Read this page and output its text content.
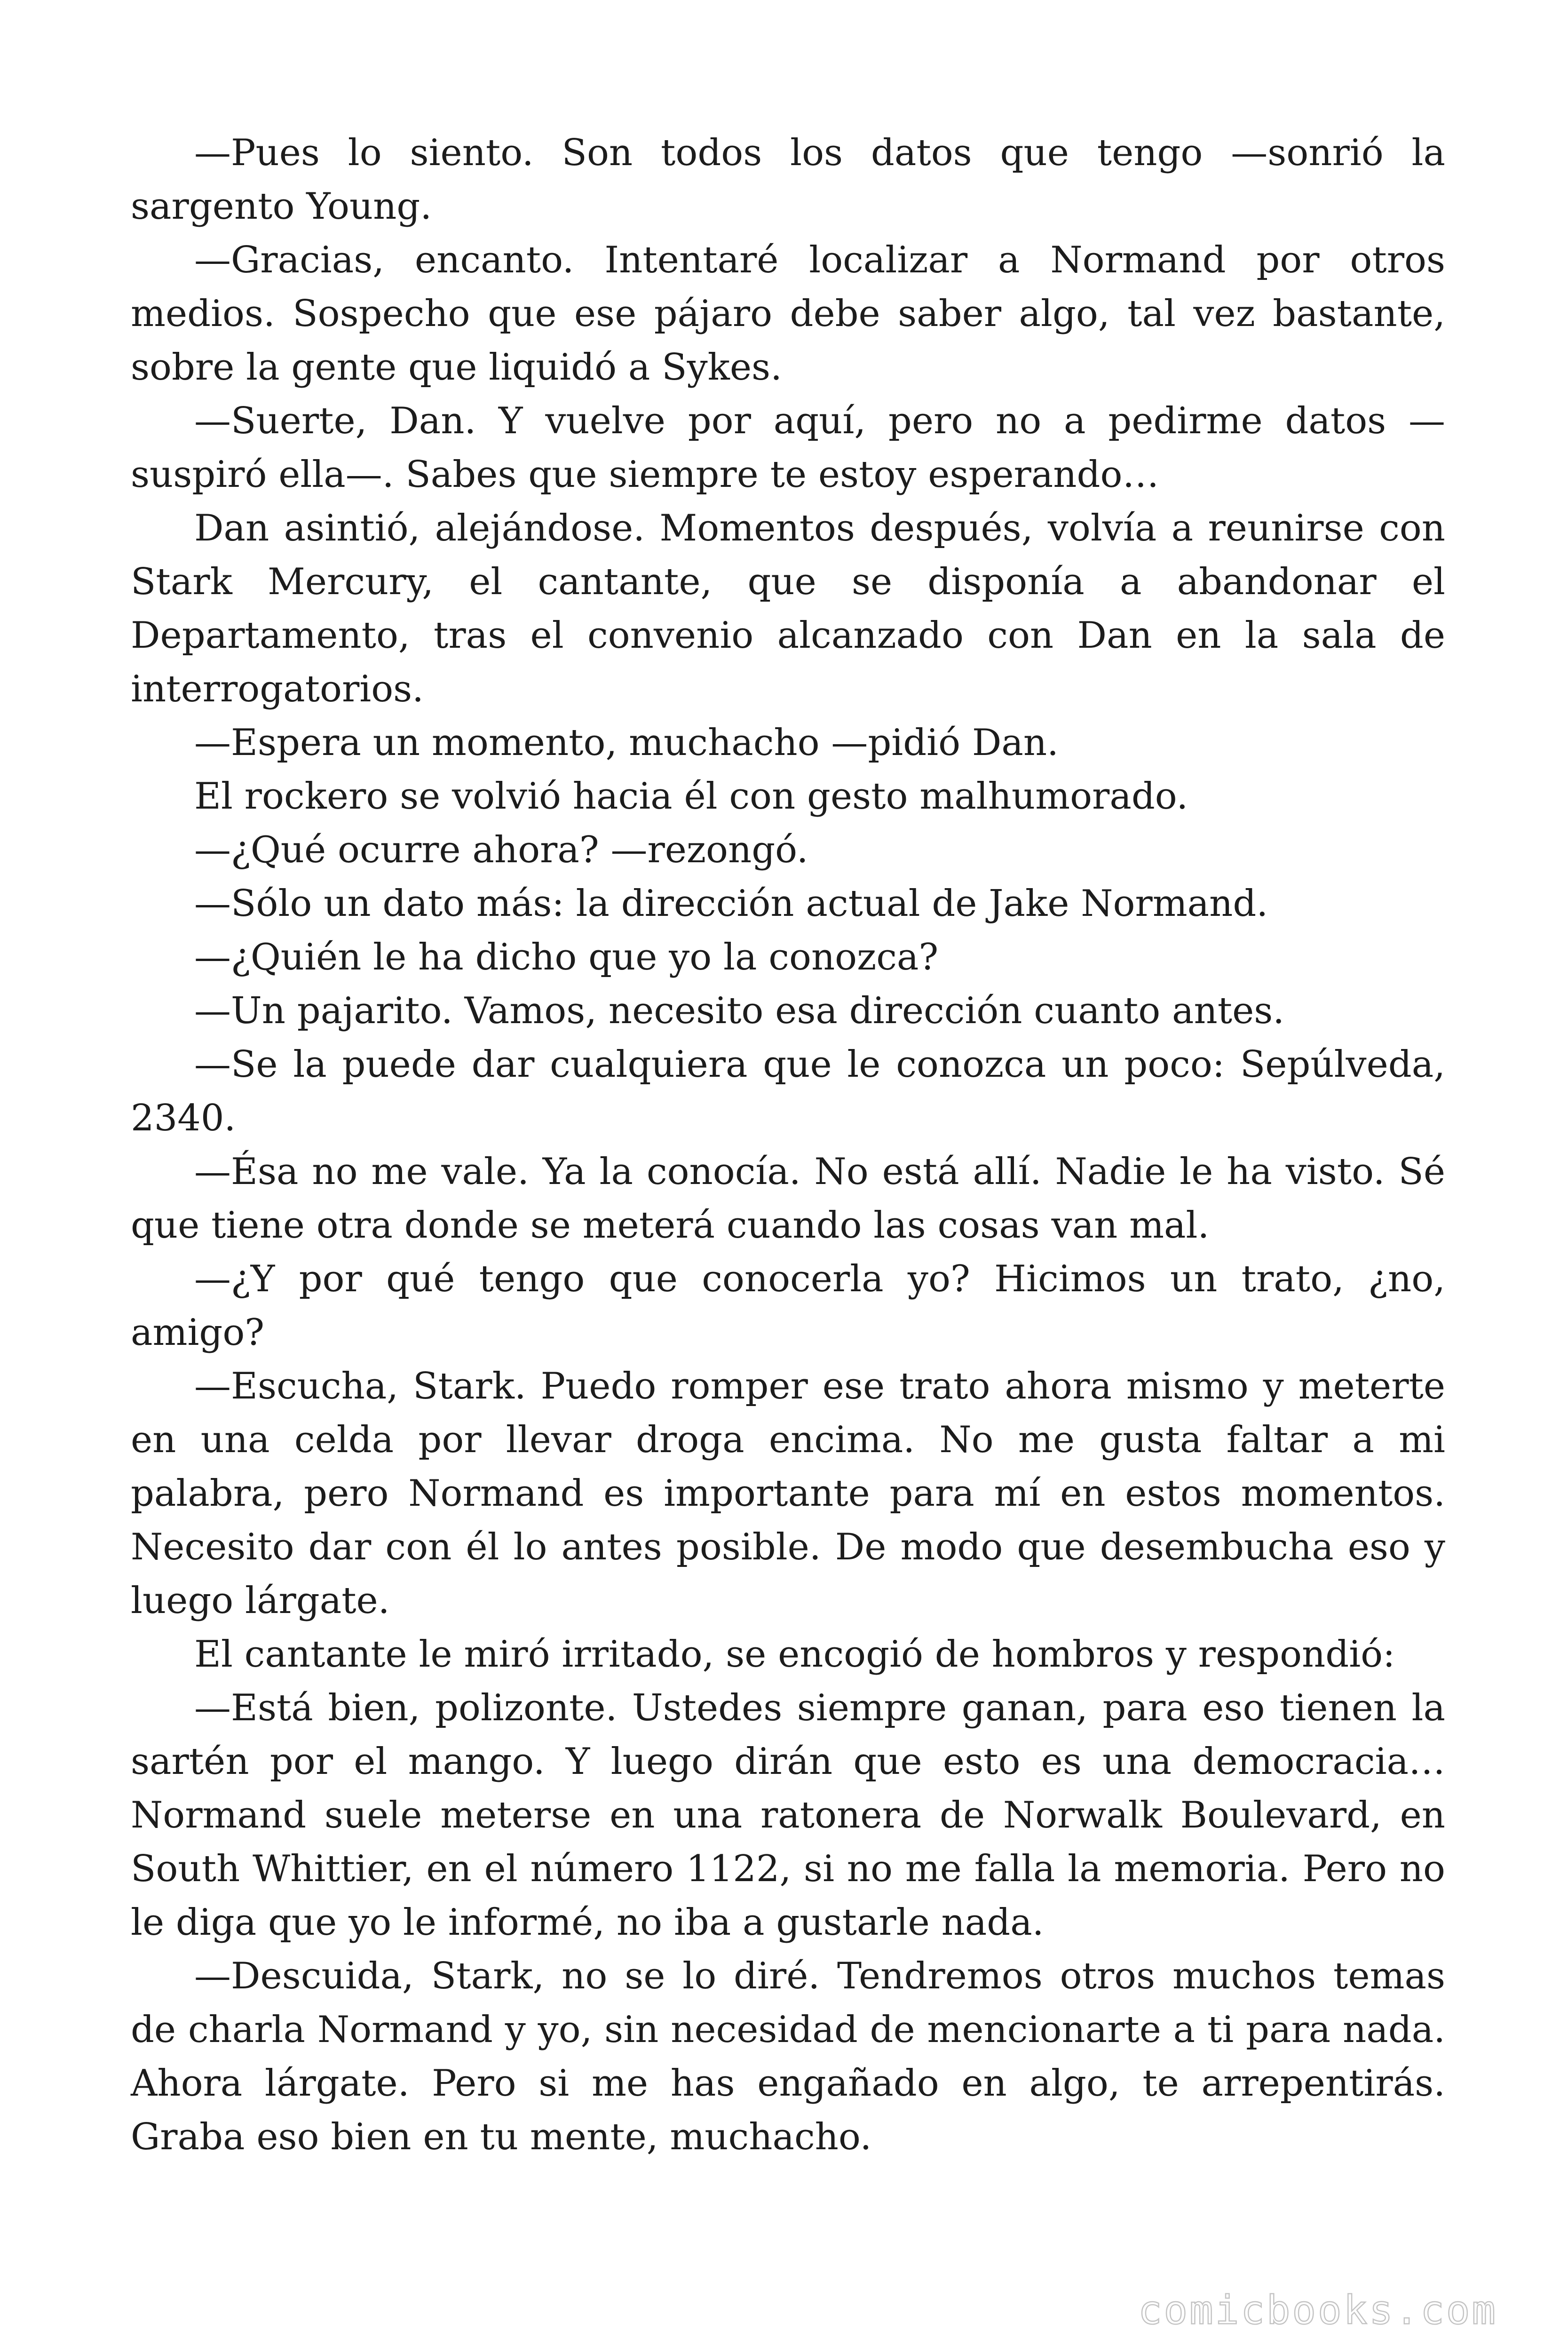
—Pues lo siento. Son todos los datos que tengo —sonrió la sargento Young.

—Gracias, encanto. Intentaré localizar a Normand por otros medios. Sospecho que ese pájaro debe saber algo, tal vez bastante, sobre la gente que liquidó a Sykes.

—Suerte, Dan. Y vuelve por aquí, pero no a pedirme datos —suspiró ella—. Sabes que siempre te estoy esperando…

Dan asintió, alejándose. Momentos después, volvía a reunirse con Stark Mercury, el cantante, que se disponía a abandonar el Departamento, tras el convenio alcanzado con Dan en la sala de interrogatorios.

—Espera un momento, muchacho —pidió Dan.

El rockero se volvió hacia él con gesto malhumorado.

—¿Qué ocurre ahora? —rezongó.

—Sólo un dato más: la dirección actual de Jake Normand.

—¿Quién le ha dicho que yo la conozca?

—Un pajarito. Vamos, necesito esa dirección cuanto antes.

—Se la puede dar cualquiera que le conozca un poco: Sepúlveda, 2340.

—Ésa no me vale. Ya la conocía. No está allí. Nadie le ha visto. Sé que tiene otra donde se meterá cuando las cosas van mal.

—¿Y por qué tengo que conocerla yo? Hicimos un trato, ¿no, amigo?

—Escucha, Stark. Puedo romper ese trato ahora mismo y meterte en una celda por llevar droga encima. No me gusta faltar a mi palabra, pero Normand es importante para mí en estos momentos. Necesito dar con él lo antes posible. De modo que desembucha eso y luego lárgate.

El cantante le miró irritado, se encogió de hombros y respondió:

—Está bien, polizonte. Ustedes siempre ganan, para eso tienen la sartén por el mango. Y luego dirán que esto es una democracia… Normand suele meterse en una ratonera de Norwalk Boulevard, en South Whittier, en el número 1122, si no me falla la memoria. Pero no le diga que yo le informé, no iba a gustarle nada.

—Descuida, Stark, no se lo diré. Tendremos otros muchos temas de charla Normand y yo, sin necesidad de mencionarte a ti para nada. Ahora lárgate. Pero si me has engañado en algo, te arrepentirás. Graba eso bien en tu mente, muchacho.

comicbooks.com
